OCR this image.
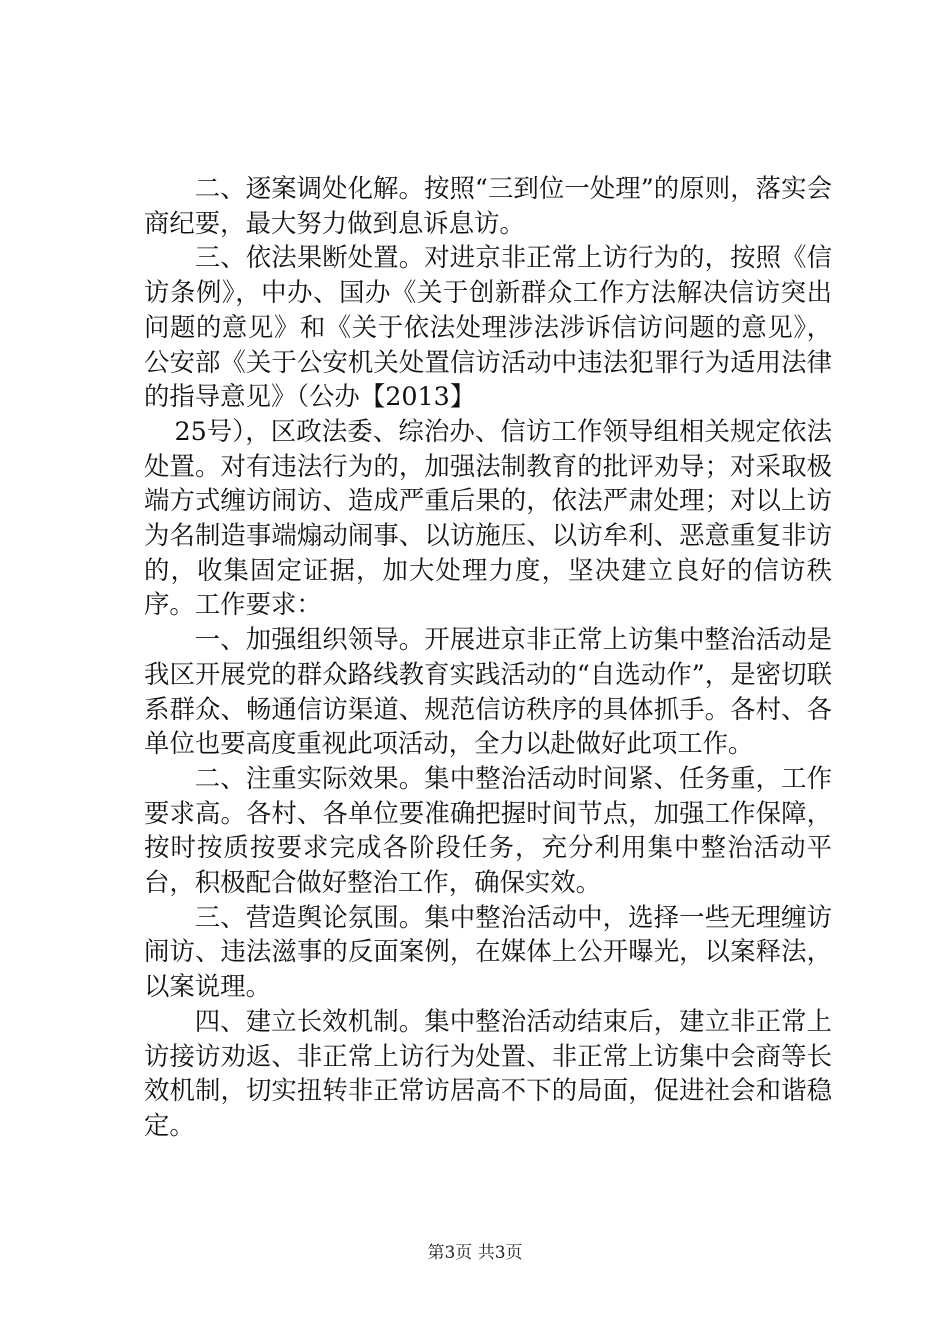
二、逐案调处化解。按照“三到位一处理”的原则，落实会商纪要，最大努力做到息诉息访。

三、依法果断处置。对进京非正常上访行为的，按照《信访条例》，中办、国办《关于创新群众工作方法解决信访突出问题的意见》和《关于依法处理涉法涉诉信访问题的意见》，公安部《关于公安机关处置信访活动中违法犯罪行为适用法律的指导意见》（公办【2013】

25号），区政法委、综治办、信访工作领导组相关规定依法处置。对有违法行为的，加强法制教育的批评劝导；对采取极端方式缠访闹访、造成严重后果的，依法严肃处理；对以上访为名制造事端煽动闹事、以访施压、以访牟利、恶意重复非访的，收集固定证据，加大处理力度，坚决建立良好的信访秩序。工作要求：

一、加强组织领导。开展进京非正常上访集中整治活动是我区开展党的群众路线教育实践活动的“自选动作”，是密切联系群众、畅通信访渠道、规范信访秩序的具体抓手。各村、各单位也要高度重视此项活动，全力以赴做好此项工作。

二、注重实际效果。集中整治活动时间紧、任务重，工作要求高。各村、各单位要准确把握时间节点，加强工作保障，按时按质按要求完成各阶段任务，充分利用集中整治活动平台，积极配合做好整治工作，确保实效。

三、营造舆论氛围。集中整治活动中，选择一些无理缠访闹访、违法滋事的反面案例，在媒体上公开曝光，以案释法，以案说理。

四、建立长效机制。集中整治活动结束后，建立非正常上访接访劝返、非正常上访行为处置、非正常上访集中会商等长效机制，切实扭转非正常访居高不下的局面，促进社会和谐稳定。

第3页 共3页
